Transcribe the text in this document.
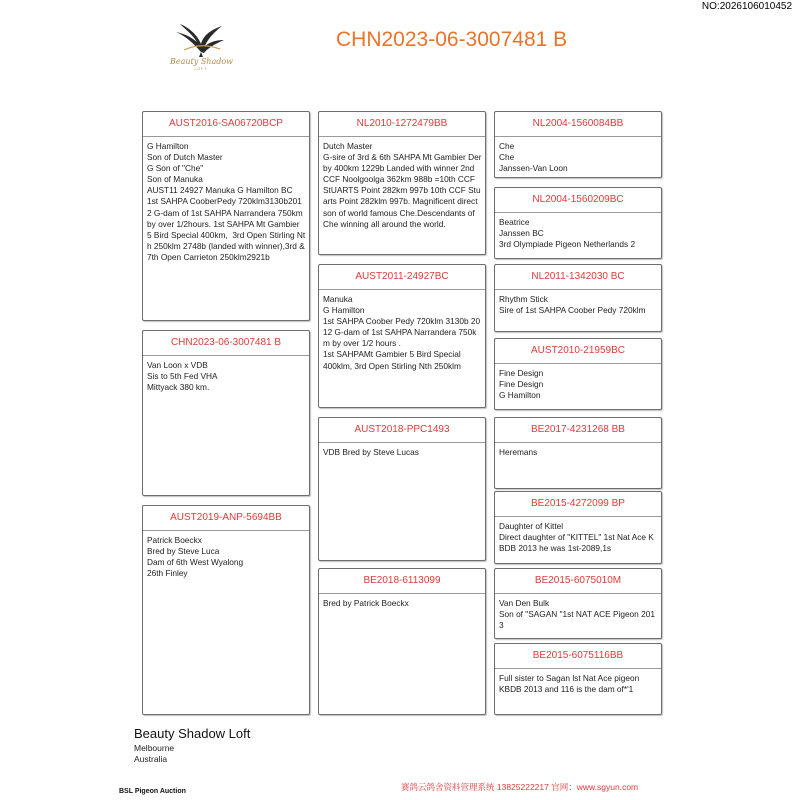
NO:2026106010452
Beauty Shadow
LOFT
CHN2023-06-3007481 B
AUST2016-SA06720BCP
G Hamilton
Son of Dutch Master
G Son of "Che"
Son of Manuka
AUST11 24927 Manuka G Hamilton BC
1st SAHPA CooberPedy 720klm3130b2012 G-dam of 1st SAHPA Narrandera 750km by over 1/2hours. 1st SAHPA Mt Gambier 5 Bird Special 400km,  3rd Open Stirling Nth 250klm 2748b (landed with winner),3rd & 7th Open Carrieton 250klm2921b
CHN2023-06-3007481 B
Van Loon x VDB
Sis to 5th Fed VHA
Mittyack 380 km.
AUST2019-ANP-5694BB
Patrick Boeckx
Bred by Steve Luca
Dam of 6th West Wyalong
26th Finley
NL2010-1272479BB
Dutch Master
G-sire of 3rd & 6th SAHPA Mt Gambier Derby 400km 1229b Landed with winner 2nd CCF Noolgoolga 362km 988b =10th CCF StUARTS Point 282km 997b 10th CCF Stuarts Point 282klm 997b. Magnificent direct son of world famous Che.Descendants of Che winning all around the world.
AUST2011-24927BC
Manuka
G Hamilton
1st SAHPA Coober Pedy 720klm 3130b 2012 G-dam of 1st SAHPA Narrandera 750km by over 1/2 hours .
1st SAHPAMt Gambier 5 Bird Special
400klm, 3rd Open Stirling Nth 250klm
AUST2018-PPC1493
VDB Bred by Steve Lucas
BE2018-6113099
Bred by Patrick Boeckx
NL2004-1560084BB
Che
Che
Janssen-Van Loon
NL2004-1560209BC
Beatrice
Janssen BC
3rd Olympiade Pigeon Netherlands 2
NL2011-1342030 BC
Rhythm Stick
Sire of 1st SAHPA Coober Pedy 720klm
AUST2010-21959BC
Fine Design
Fine Design
G Hamilton
BE2017-4231268 BB
Heremans
BE2015-4272099 BP
Daughter of Kittel
Direct daughter of "KITTEL" 1st Nat Ace KBDB 2013 he was 1st-2089,1s
BE2015-6075010M
Van Den Bulk
Son of "SAGAN "1st NAT ACE Pigeon 2013
BE2015-6075116BB
Full sister to Sagan lst Nat Ace pigeon
KBDB 2013 and 116 is the dam of*'1
Beauty Shadow Loft
Melbourne
Australia
赛鸽云鸽舍资料管理系统 13825222217 官网：www.sgyun.com
BSL Pigeon Auction
